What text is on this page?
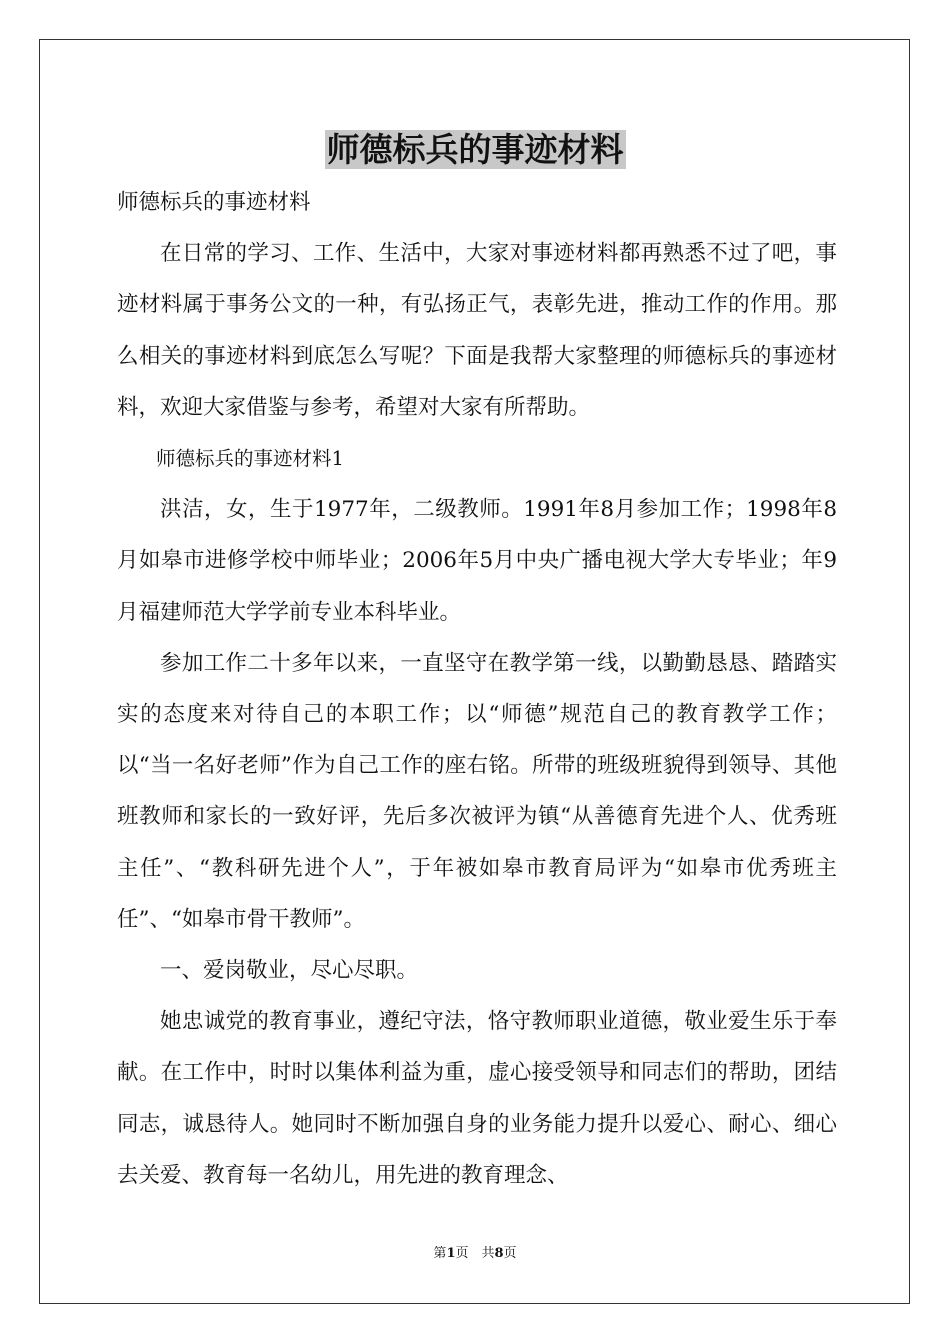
师德标兵的事迹材料

师德标兵的事迹材料

在日常的学习、工作、生活中，大家对事迹材料都再熟悉不过了吧，事迹材料属于事务公文的一种，有弘扬正气，表彰先进，推动工作的作用。那么相关的事迹材料到底怎么写呢？下面是我帮大家整理的师德标兵的事迹材料，欢迎大家借鉴与参考，希望对大家有所帮助。

师德标兵的事迹材料1

洪洁，女，生于1977年，二级教师。1991年8月参加工作；1998年8月如皋市进修学校中师毕业；2006年5月中央广播电视大学大专毕业；年9月福建师范大学学前专业本科毕业。

参加工作二十多年以来，一直坚守在教学第一线，以勤勤恳恳、踏踏实实的态度来对待自己的本职工作；以“师德”规范自己的教育教学工作；以“当一名好老师”作为自己工作的座右铭。所带的班级班貌得到领导、其他班教师和家长的一致好评，先后多次被评为镇“从善德育先进个人、优秀班主任”、“教科研先进个人”，于年被如皋市教育局评为“如皋市优秀班主任”、“如皋市骨干教师”。

一、爱岗敬业，尽心尽职。

她忠诚党的教育事业，遵纪守法，恪守教师职业道德，敬业爱生乐于奉献。在工作中，时时以集体利益为重，虚心接受领导和同志们的帮助，团结同志，诚恳待人。她同时不断加强自身的业务能力提升以爱心、耐心、细心去关爱、教育每一名幼儿，用先进的教育理念、

第1页　共8页
